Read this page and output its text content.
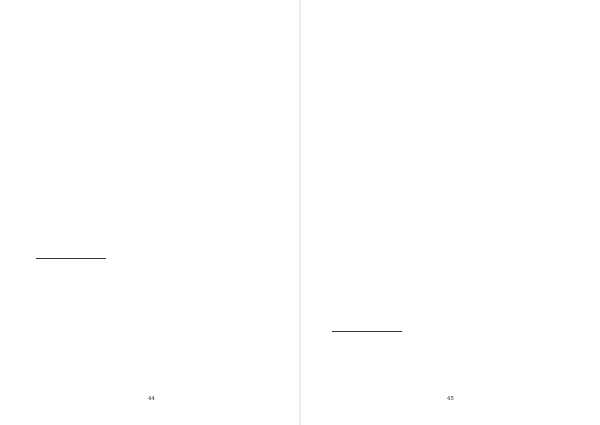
44	45
